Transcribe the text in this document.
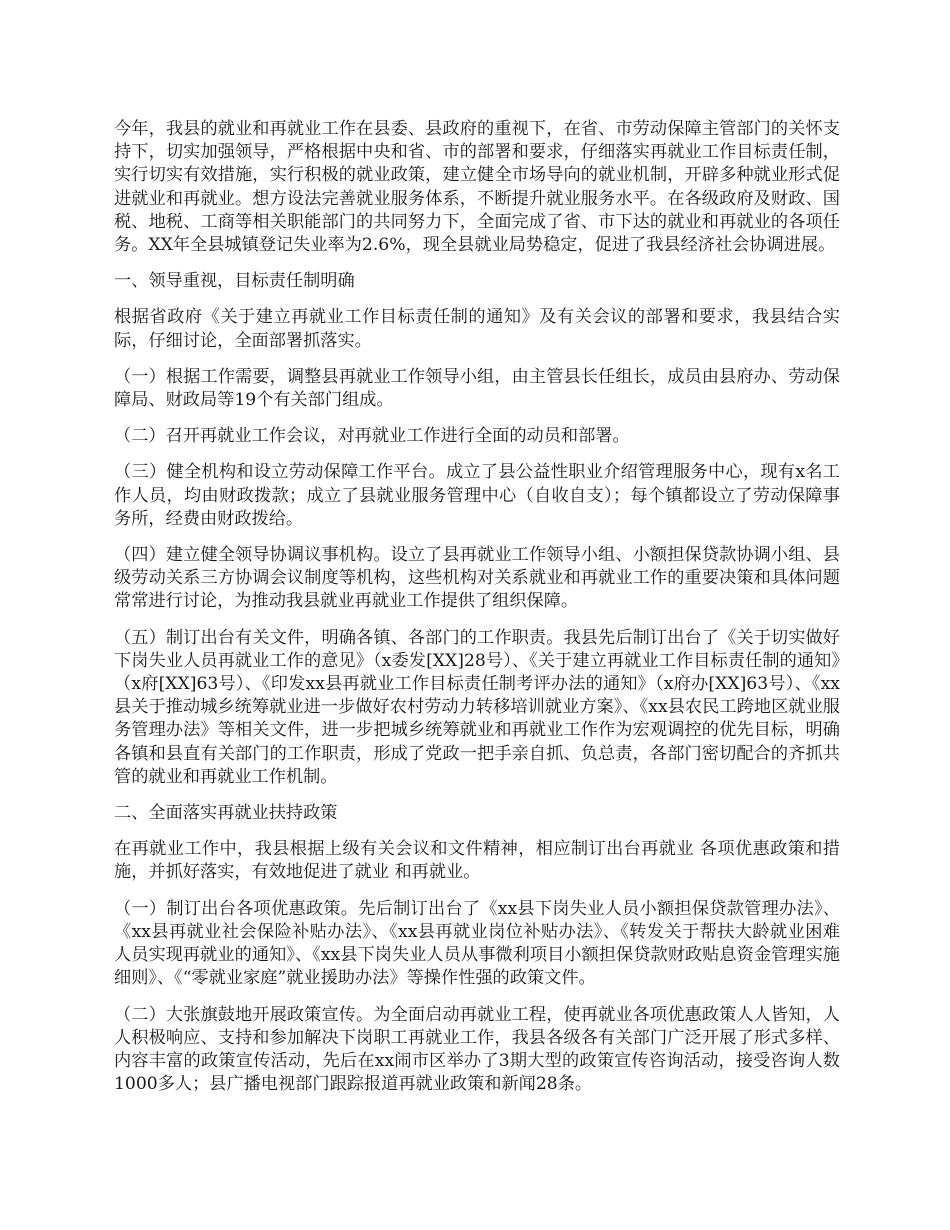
今年，我县的就业和再就业工作在县委、县政府的重视下，在省、市劳动保障主管部门的关怀支持下，切实加强领导，严格根据中央和省、市的部署和要求，仔细落实再就业工作目标责任制，实行切实有效措施，实行积极的就业政策，建立健全市场导向的就业机制，开辟多种就业形式促进就业和再就业。想方设法完善就业服务体系，不断提升就业服务水平。在各级政府及财政、国税、地税、工商等相关职能部门的共同努力下，全面完成了省、市下达的就业和再就业的各项任务。XX年全县城镇登记失业率为2.6%，现全县就业局势稳定，促进了我县经济社会协调进展。

一、领导重视，目标责任制明确

根据省政府《关于建立再就业工作目标责任制的通知》及有关会议的部署和要求，我县结合实际，仔细讨论，全面部署抓落实。

（一）根据工作需要，调整县再就业工作领导小组，由主管县长任组长，成员由县府办、劳动保障局、财政局等19个有关部门组成。

（二）召开再就业工作会议，对再就业工作进行全面的动员和部署。

（三）健全机构和设立劳动保障工作平台。成立了县公益性职业介绍管理服务中心，现有x名工作人员，均由财政拨款；成立了县就业服务管理中心（自收自支）；每个镇都设立了劳动保障事务所，经费由财政拨给。

（四）建立健全领导协调议事机构。设立了县再就业工作领导小组、小额担保贷款协调小组、县级劳动关系三方协调会议制度等机构，这些机构对关系就业和再就业工作的重要决策和具体问题常常进行讨论，为推动我县就业再就业工作提供了组织保障。

（五）制订出台有关文件，明确各镇、各部门的工作职责。我县先后制订出台了《关于切实做好下岗失业人员再就业工作的意见》（x委发[XX]28号）、《关于建立再就业工作目标责任制的通知》（x府[XX]63号）、《印发xx县再就业工作目标责任制考评办法的通知》（x府办[XX]63号）、《xx县关于推动城乡统筹就业进一步做好农村劳动力转移培训就业方案》、《xx县农民工跨地区就业服务管理办法》等相关文件，进一步把城乡统筹就业和再就业工作作为宏观调控的优先目标，明确各镇和县直有关部门的工作职责，形成了党政一把手亲自抓、负总责，各部门密切配合的齐抓共管的就业和再就业工作机制。

二、全面落实再就业扶持政策

在再就业工作中，我县根据上级有关会议和文件精神，相应制订出台再就业 各项优惠政策和措施，并抓好落实，有效地促进了就业 和再就业。

（一）制订出台各项优惠政策。先后制订出台了《xx县下岗失业人员小额担保贷款管理办法》、《xx县再就业社会保险补贴办法》、《xx县再就业岗位补贴办法》、《转发关于帮扶大龄就业困难人员实现再就业的通知》、《xx县下岗失业人员从事微利项目小额担保贷款财政贴息资金管理实施细则》、《“零就业家庭”就业援助办法》等操作性强的政策文件。

（二）大张旗鼓地开展政策宣传。为全面启动再就业工程，使再就业各项优惠政策人人皆知，人人积极响应、支持和参加解决下岗职工再就业工作，我县各级各有关部门广泛开展了形式多样、内容丰富的政策宣传活动，先后在xx闹市区举办了3期大型的政策宣传咨询活动，接受咨询人数1000多人；县广播电视部门跟踪报道再就业政策和新闻28条。
